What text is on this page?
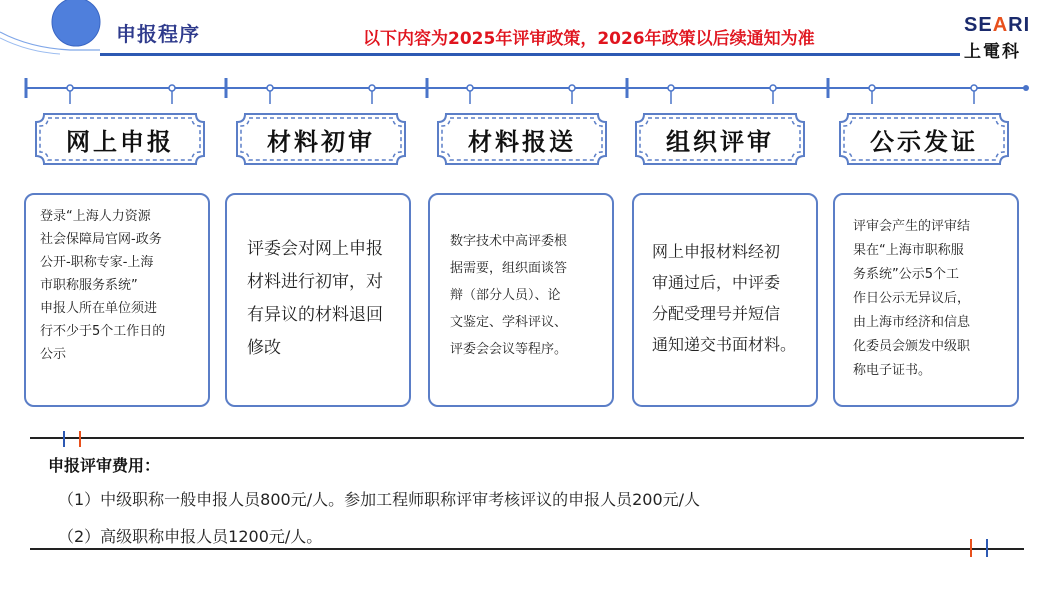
申报程序	以下内容为2025年评审政策，2026年政策以后续通知为准
SEARI
上電科
网上申报	材料初审	材料报送	组织评审	公示发证

登录“上海人力资源

社会保障局官网-政务

公开-职称专家-上海

市职称服务系统”

申报人所在单位须进

行不少于5个工作日的

公示

评委会对网上申报

材料进行初审，对

有异议的材料退回

修改

数字技术中高评委根

据需要，组织面谈答

辩（部分人员）、论

文鉴定、学科评议、

评委会会议等程序。

网上申报材料经初

审通过后，中评委

分配受理号并短信

通知递交书面材料。

评审会产生的评审结

果在“上海市职称服

务系统”公示5个工

作日公示无异议后，

由上海市经济和信息

化委员会颁发中级职

称电子证书。

申报评审费用：
（1）中级职称一般申报人员800元/人。参加工程师职称评审考核评议的申报人员200元/人
（2）高级职称申报人员1200元/人。
